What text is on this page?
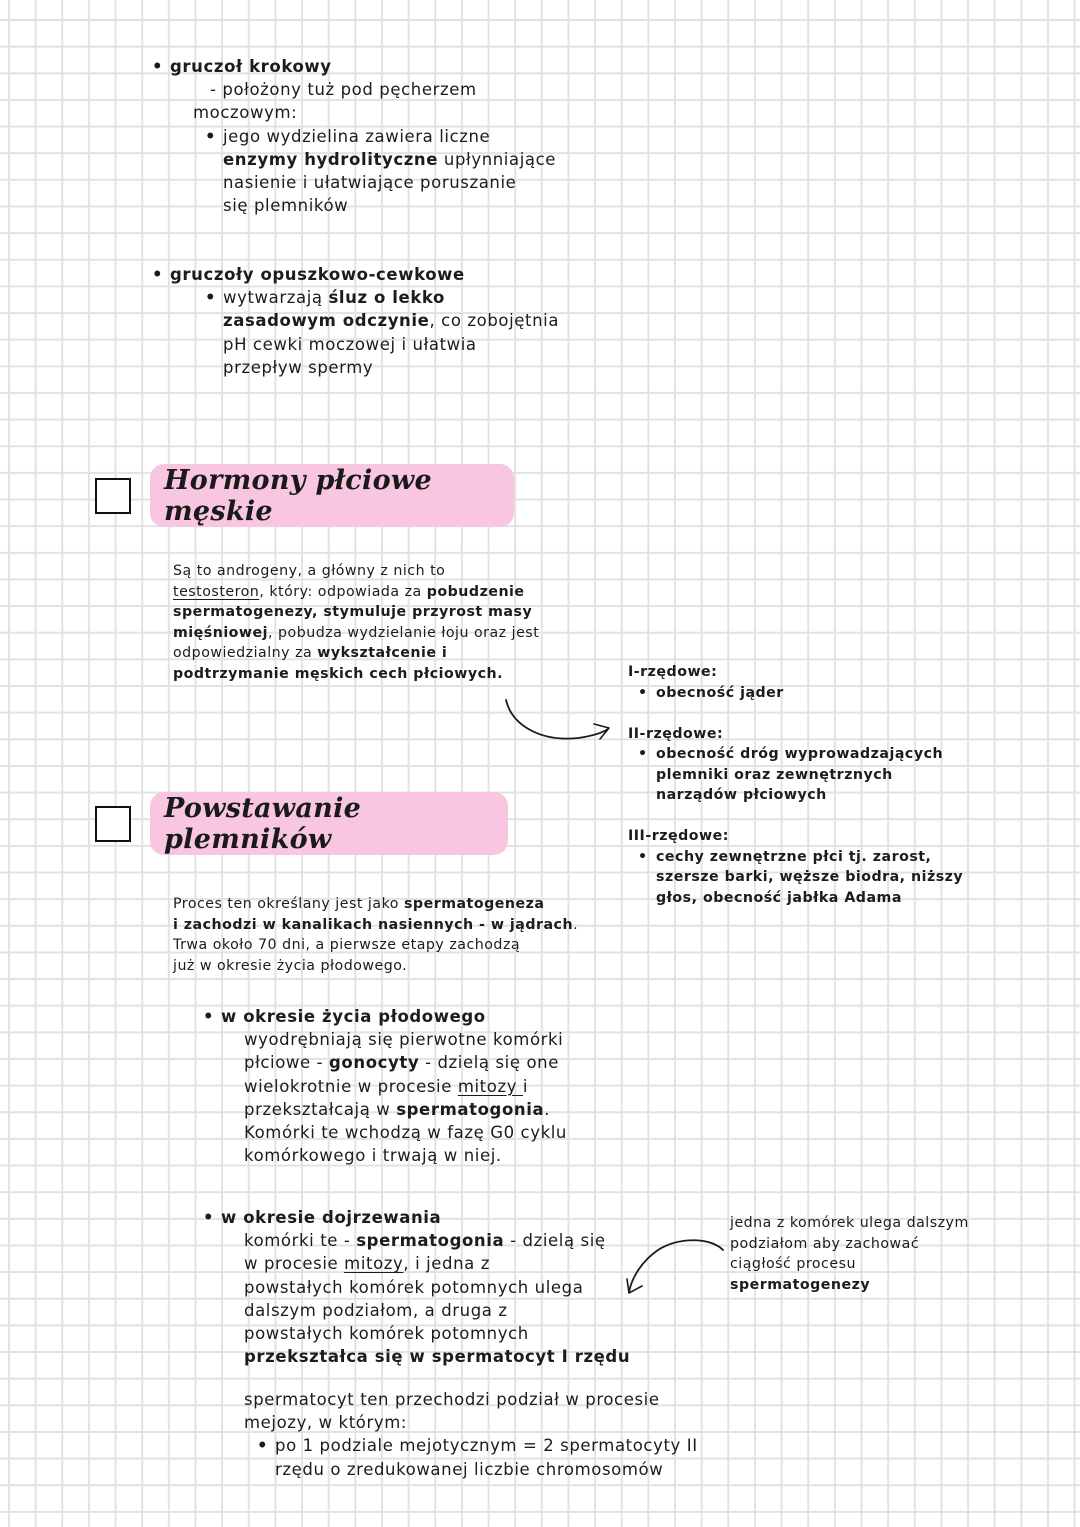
• gruczoł krokowy
- położony tuż pod pęcherzem
moczowym:
• jego wydzielina zawiera liczne
enzymy hydrolityczne upłynniające
nasienie i ułatwiające poruszanie
się plemników
• gruczoły opuszkowo-cewkowe
• wytwarzają śluz o lekko
zasadowym odczynie, co zobojętnia
pH cewki moczowej i ułatwia
przepływ spermy
Hormony płciowe męskie
Są to androgeny, a główny z nich to
testosteron, który: odpowiada za pobudzenie
spermatogenezy, stymuluje przyrost masy
mięśniowej, pobudza wydzielanie łoju oraz jest
odpowiedzialny za wykształcenie i
podtrzymanie męskich cech płciowych.	I-rzędowe:
• obecność jąder
II-rzędowe:
• obecność dróg wyprowadzających
plemniki oraz zewnętrznych
narządów płciowych
III-rzędowe:
• cechy zewnętrzne płci tj. zarost,
szersze barki, węższe biodra, niższy
głos, obecność jabłka Adama
Powstawanie plemników
Proces ten określany jest jako spermatogeneza
i zachodzi w kanalikach nasiennych - w jądrach.
Trwa około 70 dni, a pierwsze etapy zachodzą
już w okresie życia płodowego.
• w okresie życia płodowego
wyodrębniają się pierwotne komórki
płciowe - gonocyty - dzielą się one
wielokrotnie w procesie mitozy i
przekształcają w spermatogonia.
Komórki te wchodzą w fazę G0 cyklu
komórkowego i trwają w niej.
• w okresie dojrzewania
komórki te - spermatogonia - dzielą się
w procesie mitozy, i jedna z
powstałych komórek potomnych ulega
dalszym podziałom, a druga z
powstałych komórek potomnych
przekształca się w spermatocyt I rzędu
jedna z komórek ulega dalszym
podziałom aby zachować
ciągłość procesu
spermatogenezy
spermatocyt ten przechodzi podział w procesie
mejozy, w którym:
• po 1 podziale mejotycznym = 2 spermatocyty II
rzędu o zredukowanej liczbie chromosomów
